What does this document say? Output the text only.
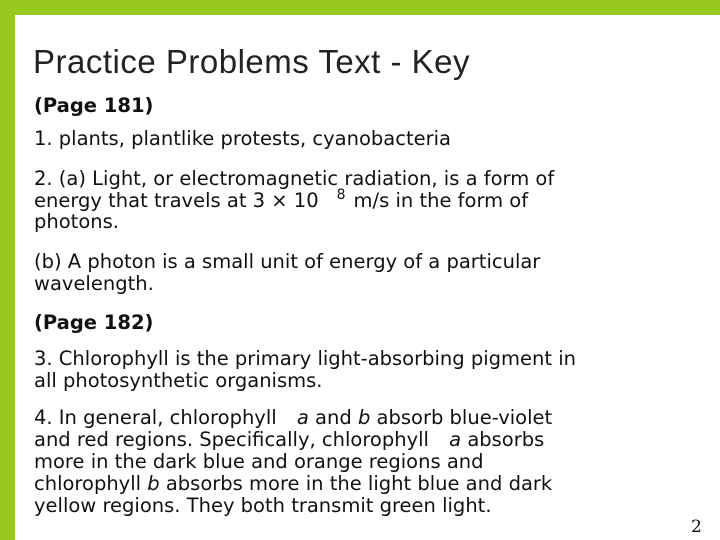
Practice Problems Text - Key
(Page 181)
1. plants, plantlike protests, cyanobacteria
2. (a) Light, or electromagnetic radiation, is a form of
energy that travels at 3 × 10 $^8$ m/s in the form of
photons.
(b) A photon is a small unit of energy of a particular
wavelength.
(Page 182)
3. Chlorophyll is the primary light-absorbing pigment in
all photosynthetic organisms.
4. In general, chlorophyll a and b absorb blue-violet
and red regions. Specifically, chlorophyll a absorbs
more in the dark blue and orange regions and
chlorophyll b absorbs more in the light blue and dark
yellow regions. They both transmit green light.
2
